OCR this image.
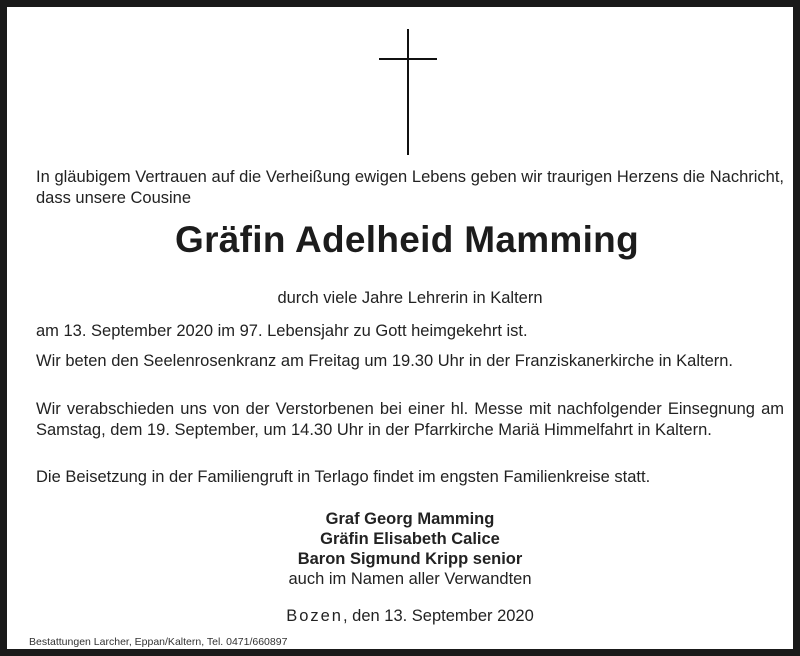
In gläubigem Vertrauen auf die Verheißung ewigen Lebens geben wir traurigen Herzens die Nachricht, dass unsere Cousine

Gräfin Adelheid Mamming

durch viele Jahre Lehrerin in Kaltern

am 13. September 2020 im 97. Lebensjahr zu Gott heimgekehrt ist.

Wir beten den Seelenrosenkranz am Freitag um 19.30 Uhr in der Franziskanerkirche in Kaltern.

Wir verabschieden uns von der Verstorbenen bei einer hl. Messe mit nachfolgender Einsegnung am Samstag, dem 19. September, um 14.30 Uhr in der Pfarrkirche Mariä Himmelfahrt in Kaltern.

Die Beisetzung in der Familiengruft in Terlago findet im engsten Familienkreise statt.

Graf Georg Mamming

Gräfin Elisabeth Calice

Baron Sigmund Kripp senior

auch im Namen aller Verwandten

Bozen, den 13. September 2020

Bestattungen Larcher, Eppan/Kaltern, Tel. 0471/660897
